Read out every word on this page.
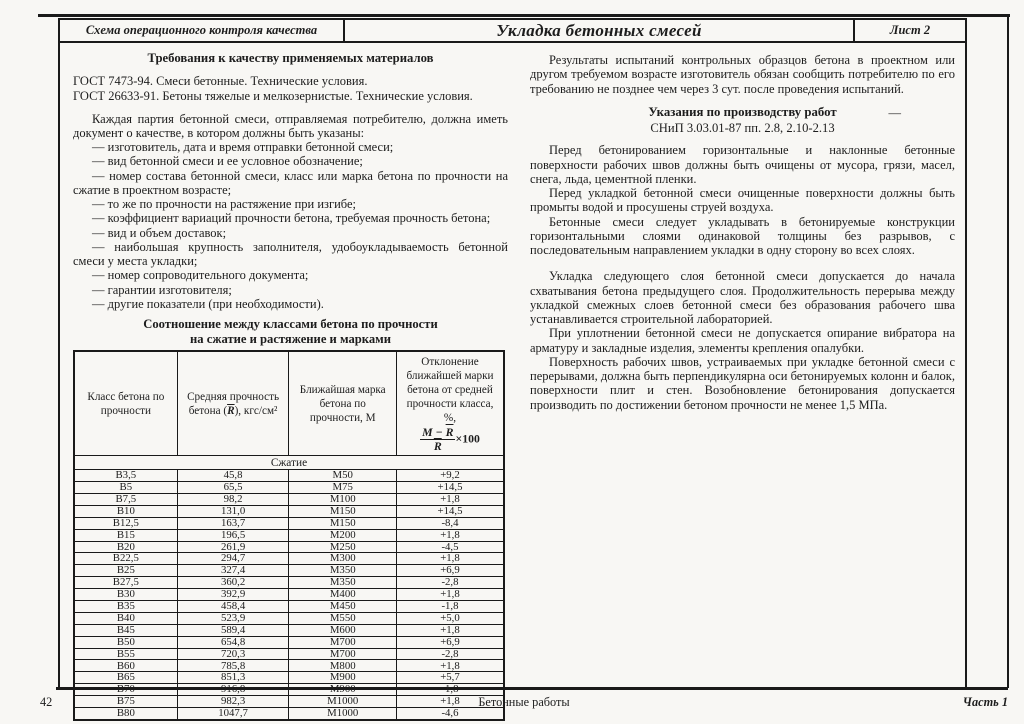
Схема операционного контроля качества	Укладка бетонных смесей	Лист 2
Требования к качеству применяемых материалов
ГОСТ 7473-94. Смеси бетонные. Технические условия.
ГОСТ 26633-91. Бетоны тяжелые и мелкозернистые. Технические условия.
Каждая партия бетонной смеси, отправляемая потребителю, должна иметь документ о качестве, в котором должны быть указаны:
— изготовитель, дата и время отправки бетонной смеси;
— вид бетонной смеси и ее условное обозначение;
— номер состава бетонной смеси, класс или марка бетона по прочности на сжатие в проектном возрасте;
— то же по прочности на растяжение при изгибе;
— коэффициент вариаций прочности бетона, требуемая прочность бетона;
— вид и объем доставок;
— наибольшая крупность заполнителя, удобоукладываемость бетонной смеси у места укладки;
— номер сопроводительного документа;
— гарантии изготовителя;
— другие показатели (при необходимости).
Соотношение между классами бетона по прочности
на сжатие и растяжение и марками
Класс бетона по прочности	Средняя прочность бетона $(\overline{R})$, кгс/см²	Ближайшая марка бетона по прочности, М	Отклонение ближайшей марки бетона от средней прочности класса, %,
$\frac{М - \overline{R}}{R} \times 100$

Сжатие			
В3,5	45,8	М50	+9,2
В5	65,5	М75	+14,5
В7,5	98,2	М100	+1,8
В10	131,0	М150	+14,5
В12,5	163,7	М150	-8,4
В15	196,5	М200	+1,8
В20	261,9	М250	-4,5
В22,5	294,7	М300	+1,8
В25	327,4	М350	+6,9
В27,5	360,2	М350	-2,8
В30	392,9	М400	+1,8
В35	458,4	М450	-1,8
В40	523,9	М550	+5,0
В45	589,4	М600	+1,8
В50	654,8	М700	+6,9
В55	720,3	М700	-2,8
В60	785,8	М800	+1,8
В65	851,3	М900	+5,7
В70	916,8	М900	-1,8
В75	982,3	М1000	+1,8
В80	1047,7	М1000	-4,6
Результаты испытаний контрольных образцов бетона в проектном или другом требуемом возрасте изготовитель обязан сообщить потребителю по его требованию не позднее чем через 3 сут. после проведения испытаний.
Указания по производству работ	—
СНиП 3.03.01-87 пп. 2.8, 2.10-2.13
Перед бетонированием горизонтальные и наклонные бетонные поверхности рабочих швов должны быть очищены от мусора, грязи, масел, снега, льда, цементной пленки.
Перед укладкой бетонной смеси очищенные поверхности должны быть промыты водой и просушены струей воздуха.
Бетонные смеси следует укладывать в бетонируемые конструкции горизонтальными слоями одинаковой толщины без разрывов, с последовательным направлением укладки в одну сторону во всех слоях.
Укладка следующего слоя бетонной смеси допускается до начала схватывания бетона предыдущего слоя. Продолжительность перерыва между укладкой смежных слоев бетонной смеси без образования рабочего шва устанавливается строительной лабораторией.
При уплотнении бетонной смеси не допускается опирание вибратора на арматуру и закладные изделия, элементы крепления опалубки.
Поверхность рабочих швов, устраиваемых при укладке бетонной смеси с перерывами, должна быть перпендикулярна оси бетонируемых колонн и балок, поверхности плит и стен. Возобновление бетонирования допускается производить по достижении бетоном прочности не менее 1,5 МПа.
42	Бетонные работы	Часть 1
